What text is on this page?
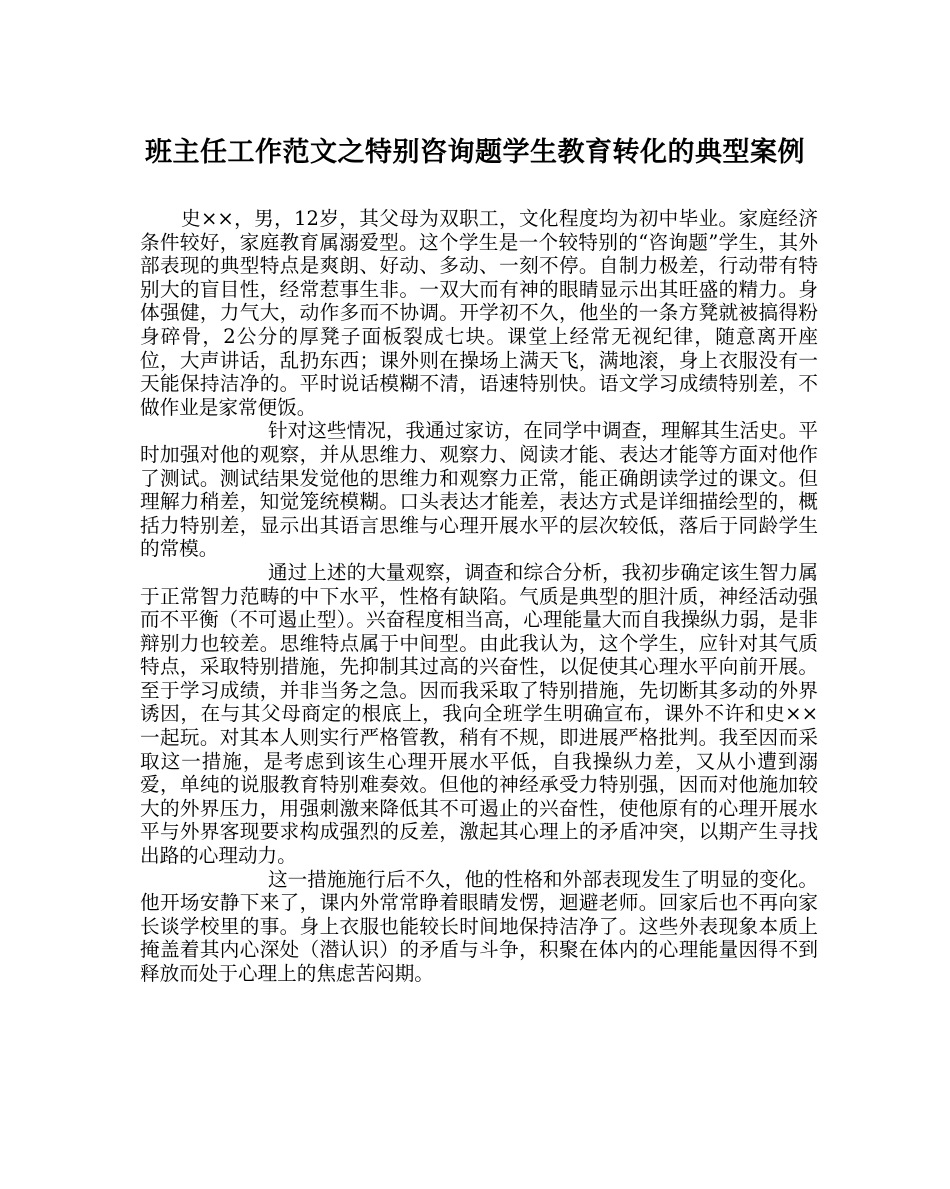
班主任工作范文之特别咨询题学生教育转化的典型案例

史××，男，12岁，其父母为双职工，文化程度均为初中毕业。家庭经济条件较好，家庭教育属溺爱型。这个学生是一个较特别的“咨询题”学生，其外部表现的典型特点是爽朗、好动、多动、一刻不停。自制力极差，行动带有特别大的盲目性，经常惹事生非。一双大而有神的眼睛显示出其旺盛的精力。身体强健，力气大，动作多而不协调。开学初不久，他坐的一条方凳就被搞得粉身碎骨，2公分的厚凳子面板裂成七块。课堂上经常无视纪律，随意离开座位，大声讲话，乱扔东西；课外则在操场上满天飞，满地滚，身上衣服没有一天能保持洁净的。平时说话模糊不清，语速特别快。语文学习成绩特别差，不做作业是家常便饭。

针对这些情况，我通过家访，在同学中调查，理解其生活史。平时加强对他的观察，并从思维力、观察力、阅读才能、表达才能等方面对他作了测试。测试结果发觉他的思维力和观察力正常，能正确朗读学过的课文。但理解力稍差，知觉笼统模糊。口头表达才能差，表达方式是详细描绘型的，概括力特别差，显示出其语言思维与心理开展水平的层次较低，落后于同龄学生的常模。

通过上述的大量观察，调查和综合分析，我初步确定该生智力属于正常智力范畴的中下水平，性格有缺陷。气质是典型的胆汁质，神经活动强而不平衡（不可遏止型）。兴奋程度相当高，心理能量大而自我操纵力弱，是非辩别力也较差。思维特点属于中间型。由此我认为，这个学生，应针对其气质特点，采取特别措施，先抑制其过高的兴奋性，以促使其心理水平向前开展。至于学习成绩，并非当务之急。因而我采取了特别措施，先切断其多动的外界诱因，在与其父母商定的根底上，我向全班学生明确宣布，课外不许和史××一起玩。对其本人则实行严格管教，稍有不规，即进展严格批判。我至因而采取这一措施，是考虑到该生心理开展水平低，自我操纵力差，又从小遭到溺爱，单纯的说服教育特别难奏效。但他的神经承受力特别强，因而对他施加较大的外界压力，用强刺激来降低其不可遏止的兴奋性，使他原有的心理开展水平与外界客现要求构成强烈的反差，激起其心理上的矛盾冲突，以期产生寻找出路的心理动力。

这一措施施行后不久，他的性格和外部表现发生了明显的变化。他开场安静下来了，课内外常常睁着眼睛发愣，迴避老师。回家后也不再向家长谈学校里的事。身上衣服也能较长时间地保持洁净了。这些外表现象本质上掩盖着其内心深处（潜认识）的矛盾与斗争，积聚在体内的心理能量因得不到释放而处于心理上的焦虑苦闷期。
